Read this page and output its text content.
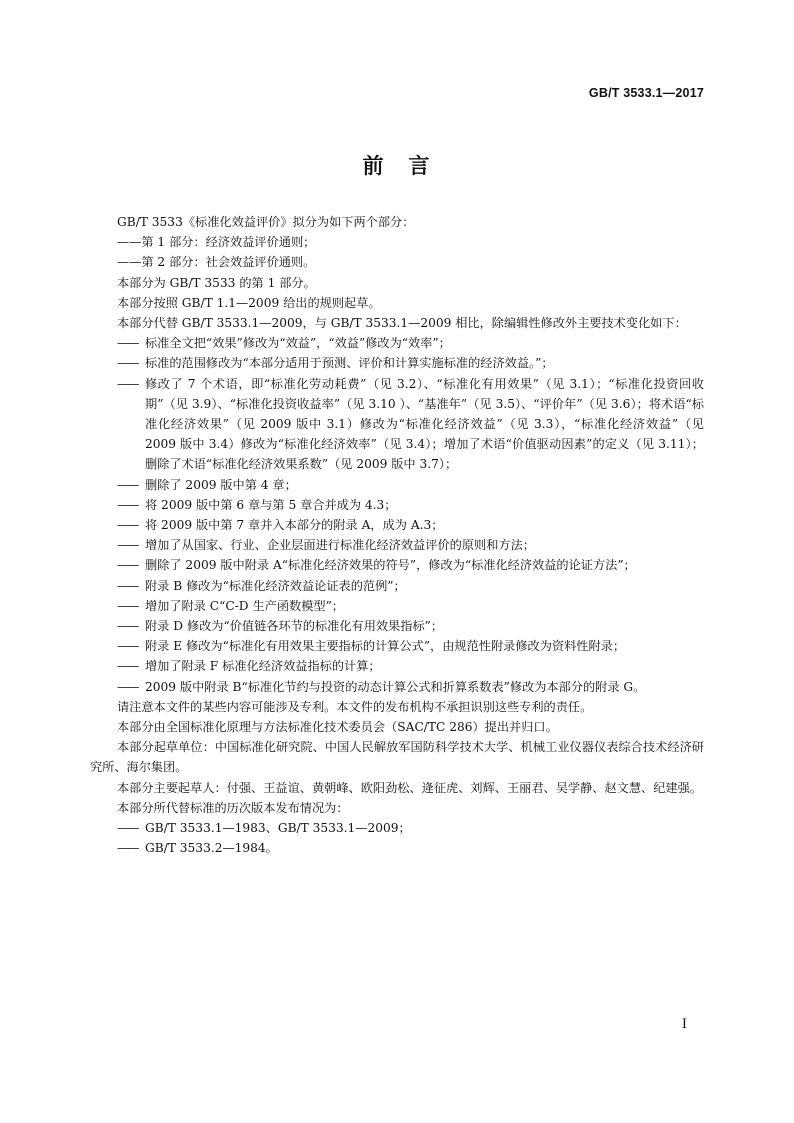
GB/T 3533.1—2017
前　言

GB/T 3533《标准化效益评价》拟分为如下两个部分：

——第 1 部分：经济效益评价通则；

——第 2 部分：社会效益评价通则。

本部分为 GB/T 3533 的第 1 部分。

本部分按照 GB/T 1.1—2009 给出的规则起草。

本部分代替 GB/T 3533.1—2009，与 GB/T 3533.1—2009 相比，除编辑性修改外主要技术变化如下：

—— 标准全文把“效果”修改为“效益”，“效益”修改为“效率”；

—— 标准的范围修改为“本部分适用于预测、评价和计算实施标准的经济效益。”；

—— 修改了 7 个术语，即“标准化劳动耗费”（见 3.2）、“标准化有用效果”（见 3.1）；“标准化投资回收期”（见 3.9）、“标准化投资收益率”（见 3.10 ）、“基准年”（见 3.5）、“评价年”（见 3.6）；将术语“标准化经济效果”（见 2009 版中 3.1）修改为“标准化经济效益”（见 3.3），“标准化经济效益”（见 2009 版中 3.4）修改为“标准化经济效率”（见 3.4）；增加了术语“价值驱动因素”的定义（见 3.11）；删除了术语“标准化经济效果系数”（见 2009 版中 3.7）；

—— 删除了 2009 版中第 4 章；

—— 将 2009 版中第 6 章与第 5 章合并成为 4.3；

—— 将 2009 版中第 7 章并入本部分的附录 A，成为 A.3；

—— 增加了从国家、行业、企业层面进行标准化经济效益评价的原则和方法；

—— 删除了 2009 版中附录 A“标准化经济效果的符号”，修改为“标准化经济效益的论证方法”；

—— 附录 B 修改为“标准化经济效益论证表的范例”；

—— 增加了附录 C“C-D 生产函数模型”；

—— 附录 D 修改为“价值链各环节的标准化有用效果指标”；

—— 附录 E 修改为“标准化有用效果主要指标的计算公式”，由规范性附录修改为资料性附录；

—— 增加了附录 F 标准化经济效益指标的计算；

—— 2009 版中附录 B“标准化节约与投资的动态计算公式和折算系数表”修改为本部分的附录 G。

请注意本文件的某些内容可能涉及专利。本文件的发布机构不承担识别这些专利的责任。

本部分由全国标准化原理与方法标准化技术委员会（SAC/TC 286）提出并归口。

本部分起草单位：中国标准化研究院、中国人民解放军国防科学技术大学、机械工业仪器仪表综合技术经济研究所、海尔集团。

本部分主要起草人：付强、王益谊、黄朝峰、欧阳劲松、逄征虎、刘辉、王丽君、吴学静、赵文慧、纪建强。

本部分所代替标准的历次版本发布情况为：

—— GB/T 3533.1—1983、GB/T 3533.1—2009；

—— GB/T 3533.2—1984。

I
